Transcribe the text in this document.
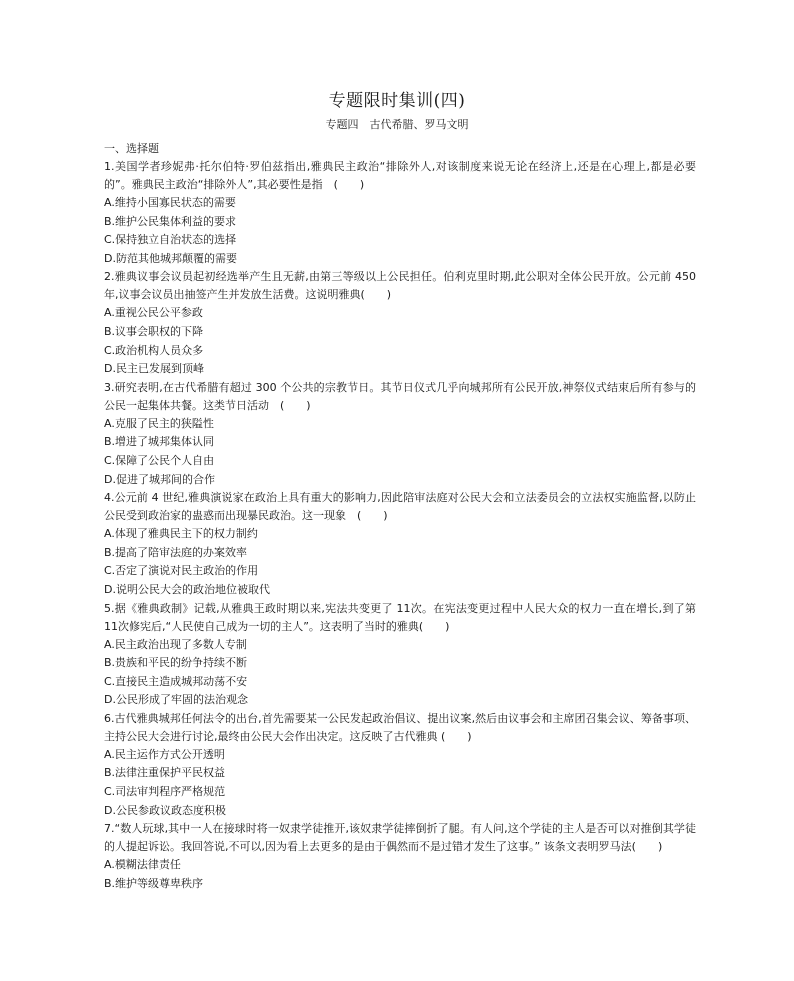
专题限时集训(四)
专题四　古代希腊、罗马文明
一、选择题

1.美国学者珍妮弗·托尔伯特·罗伯兹指出,雅典民主政治“排除外人,对该制度来说无论在经济上,还是在心理上,都是必要的”。雅典民主政治“排除外人”,其必要性是指　(　　)

A.维持小国寡民状态的需要

B.维护公民集体利益的要求

C.保持独立自治状态的选择

D.防范其他城邦颠覆的需要

2.雅典议事会议员起初经选举产生且无薪,由第三等级以上公民担任。伯利克里时期,此公职对全体公民开放。公元前 450 年,议事会议员出抽签产生并发放生活费。这说明雅典(　　)

A.重视公民公平参政

B.议事会职权的下降

C.政治机构人员众多

D.民主已发展到顶峰

3.研究表明,在古代希腊有超过 300 个公共的宗教节日。其节日仪式几乎向城邦所有公民开放,神祭仪式结束后所有参与的公民一起集体共餐。这类节日活动　(　　)

A.克服了民主的狭隘性

B.增进了城邦集体认同

C.保障了公民个人自由

D.促进了城邦间的合作

4.公元前 4 世纪,雅典演说家在政治上具有重大的影响力,因此陪审法庭对公民大会和立法委员会的立法权实施监督,以防止公民受到政治家的蛊惑而出现暴民政治。这一现象　(　　)

A.体现了雅典民主下的权力制约

B.提高了陪审法庭的办案效率

C.否定了演说对民主政治的作用

D.说明公民大会的政治地位被取代

5.据《雅典政制》记载,从雅典王政时期以来,宪法共变更了 11次。在宪法变更过程中人民大众的权力一直在增长,到了第 11次修宪后,“人民使自己成为一切的主人”。这表明了当时的雅典(　　)

A.民主政治出现了多数人专制

B.贵族和平民的纷争持续不断

C.直接民主造成城邦动荡不安

D.公民形成了牢固的法治观念

6.古代雅典城邦任何法令的出台,首先需要某一公民发起政治倡议、提出议案,然后由议事会和主席团召集会议、筹备事项、主持公民大会进行讨论,最终由公民大会作出决定。这反映了古代雅典 (　　)

A.民主运作方式公开透明

B.法律注重保护平民权益

C.司法审判程序严格规范

D.公民参政议政态度积极

7.“数人玩球,其中一人在接球时将一奴隶学徒推开,该奴隶学徒摔倒折了腿。有人问,这个学徒的主人是否可以对推倒其学徒的人提起诉讼。我回答说,不可以,因为看上去更多的是由于偶然而不是过错才发生了这事。” 该条文表明罗马法(　　)

A.模糊法律责任

B.维护等级尊卑秩序
